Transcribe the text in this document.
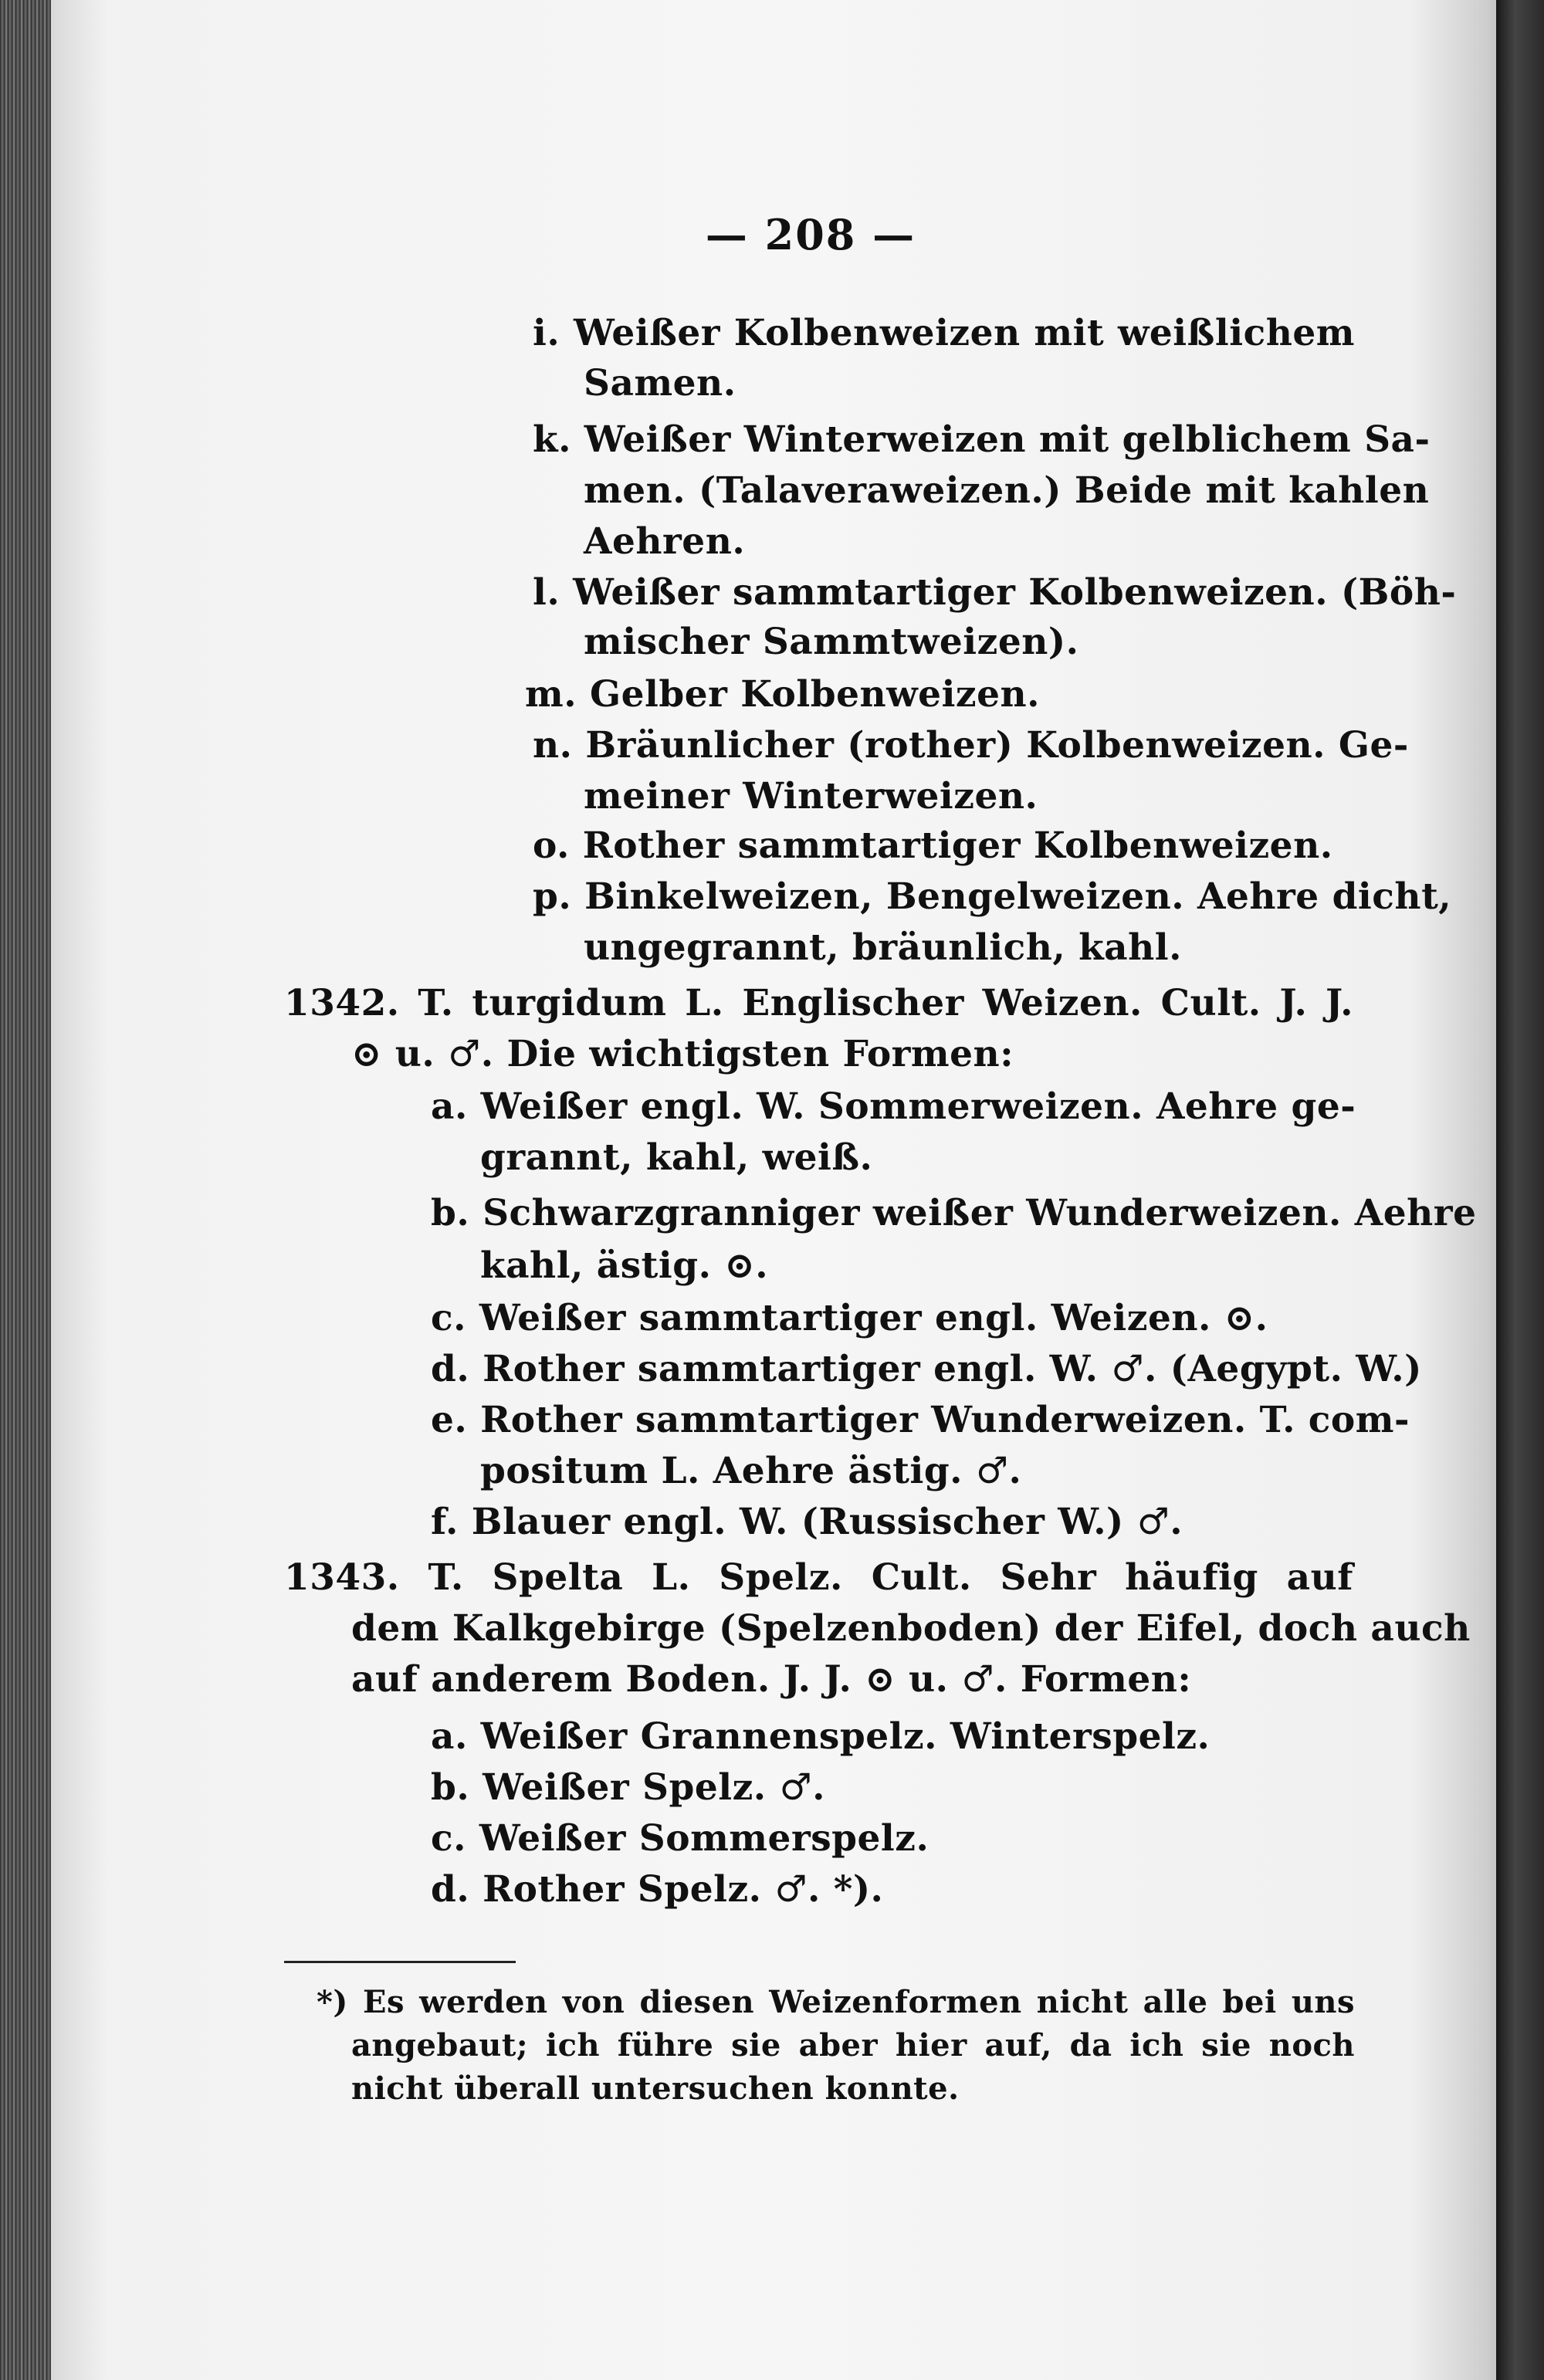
— 208 —
i. Weißer Kolbenweizen mit weißlichem
Samen.
k. Weißer Winterweizen mit gelblichem Sa-
men. (Talaveraweizen.) Beide mit kahlen
Aehren.
l. Weißer sammtartiger Kolbenweizen. (Böh-
mischer Sammtweizen).
m. Gelber Kolbenweizen.
n. Bräunlicher (rother) Kolbenweizen. Ge-
meiner Winterweizen.
o. Rother sammtartiger Kolbenweizen.
p. Binkelweizen, Bengelweizen. Aehre dicht,
ungegrannt, bräunlich, kahl.
1342. T. turgidum L. Englischer Weizen. Cult. J. J.
⊙ u. ♂. Die wichtigsten Formen:
a. Weißer engl. W. Sommerweizen. Aehre ge-
grannt, kahl, weiß.
b. Schwarzgranniger weißer Wunderweizen. Aehre
kahl, ästig. ⊙.
c. Weißer sammtartiger engl. Weizen. ⊙.
d. Rother sammtartiger engl. W. ♂. (Aegypt. W.)
e. Rother sammtartiger Wunderweizen. T. com-
positum L. Aehre ästig. ♂.
f. Blauer engl. W. (Russischer W.) ♂.
1343. T. Spelta L. Spelz. Cult. Sehr häufig auf
dem Kalkgebirge (Spelzenboden) der Eifel, doch auch
auf anderem Boden. J. J. ⊙ u. ♂. Formen:
a. Weißer Grannenspelz. Winterspelz.
b. Weißer Spelz. ♂.
c. Weißer Sommerspelz.
d. Rother Spelz. ♂. *).
*) Es werden von diesen Weizenformen nicht alle bei uns
angebaut; ich führe sie aber hier auf, da ich sie noch
nicht überall untersuchen konnte.
